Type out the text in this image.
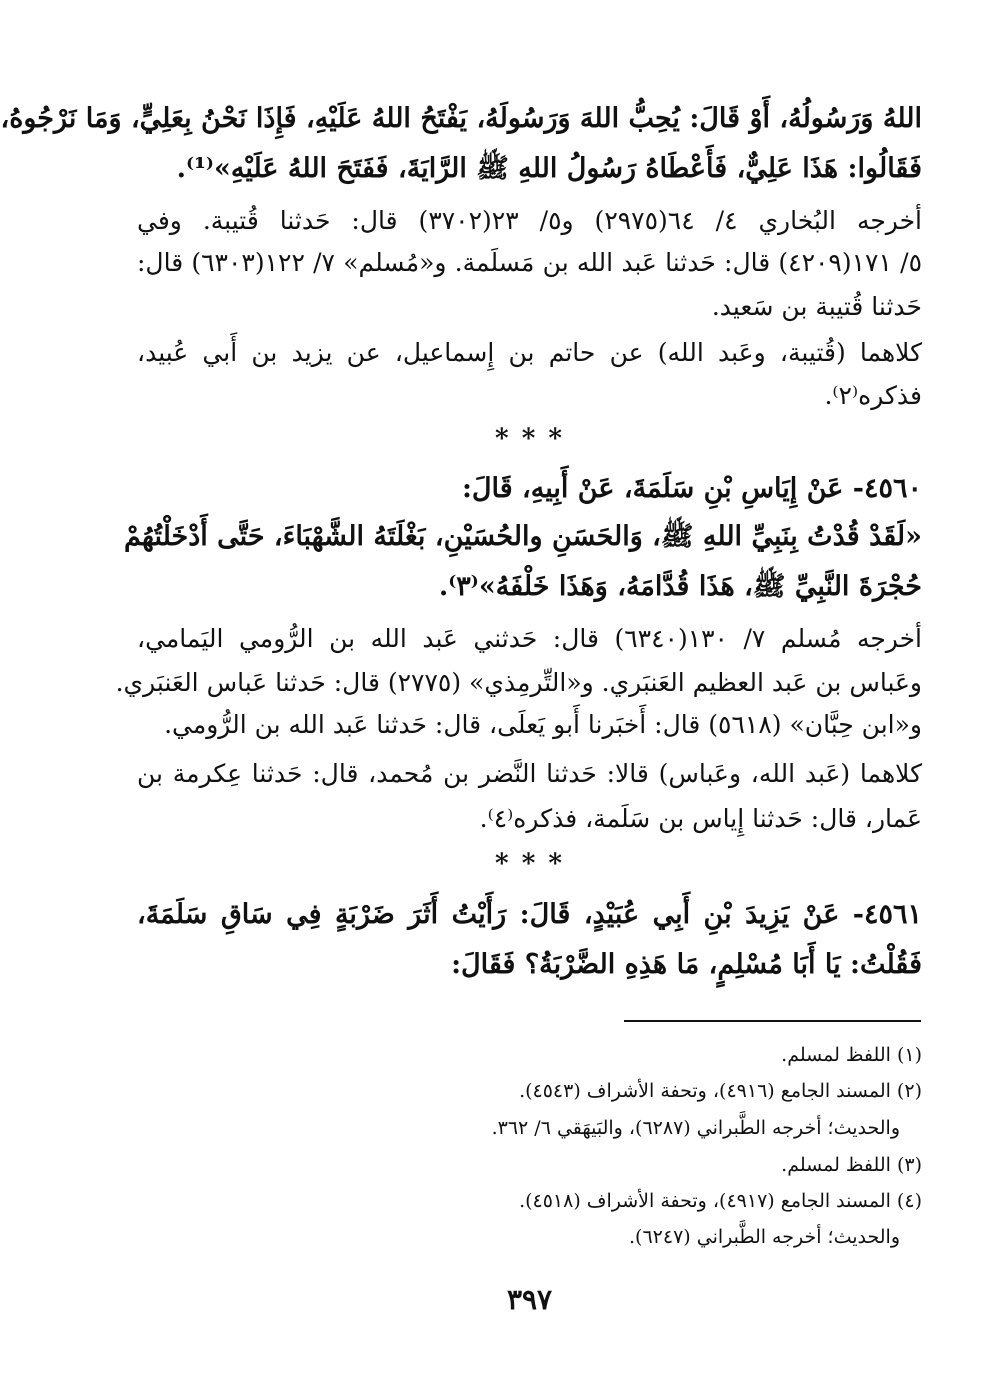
اللهُ وَرَسُولُهُ، أَوْ قَالَ: يُحِبُّ اللهَ وَرَسُولَهُ، يَفْتَحُ اللهُ عَلَيْهِ، فَإِذَا نَحْنُ بِعَلِيٍّ، وَمَا نَرْجُوهُ،
فَقَالُوا: هَذَا عَلِيٌّ، فَأَعْطَاهُ رَسُولُ اللهِ ﷺ الرَّايَةَ، فَفَتَحَ اللهُ عَلَيْهِ»⁽¹⁾.
أخرجه البُخاري ٤/ ٦٤(٢٩٧٥) و٥/ ٢٣(٣٧٠٢) قال: حَدثنا قُتيبة. وفي
٥/ ١٧١(٤٢٠٩) قال: حَدثنا عَبد الله بن مَسلَمة. و«مُسلم» ٧/ ١٢٢(٦٣٠٣) قال:
حَدثنا قُتيبة بن سَعيد.
كلاهما (قُتيبة، وعَبد الله) عن حاتم بن إِسماعيل، عن يزيد بن أَبي عُبيد،
فذكره⁽٢⁾.
* * *
٤٥٦٠- عَنْ إِيَاسِ بْنِ سَلَمَةَ، عَنْ أَبِيهِ، قَالَ:
«لَقَدْ قُدْتُ بِنَبِيِّ اللهِ ﷺ، وَالحَسَنِ والحُسَيْنِ، بَغْلَتَهُ الشَّهْبَاءَ، حَتَّى أَدْخَلْتُهُمْ
حُجْرَةَ النَّبِيِّ ﷺ، هَذَا قُدَّامَهُ، وَهَذَا خَلْفَهُ»⁽٣⁾.
أخرجه مُسلم ٧/ ١٣٠(٦٣٤٠) قال: حَدثني عَبد الله بن الرُّومي اليَمامي،
وعَباس بن عَبد العظيم العَنبَري. و«التِّرمِذي» (٢٧٧٥) قال: حَدثنا عَباس العَنبَري.
و«ابن حِبَّان» (٥٦١٨) قال: أَخبَرنا أَبو يَعلَى، قال: حَدثنا عَبد الله بن الرُّومي.
كلاهما (عَبد الله، وعَباس) قالا: حَدثنا النَّضر بن مُحمد، قال: حَدثنا عِكرمة بن
عَمار، قال: حَدثنا إِياس بن سَلَمة، فذكره⁽٤⁾.
* * *
٤٥٦١- عَنْ يَزِيدَ بْنِ أَبِي عُبَيْدٍ، قَالَ: رَأَيْتُ أَثَرَ ضَرْبَةٍ فِي سَاقِ سَلَمَةَ،
فَقُلْتُ: يَا أَبَا مُسْلِمٍ، مَا هَذِهِ الضَّرْبَةُ؟ فَقَالَ:
(١) اللفظ لمسلم.
(٢) المسند الجامع (٤٩١٦)، وتحفة الأشراف (٤٥٤٣).
والحديث؛ أخرجه الطَّبراني (٦٢٨٧)، والبَيهَقي ٦/ ٣٦٢.
(٣) اللفظ لمسلم.
(٤) المسند الجامع (٤٩١٧)، وتحفة الأشراف (٤٥١٨).
والحديث؛ أخرجه الطَّبراني (٦٢٤٧).
٣٩٧
